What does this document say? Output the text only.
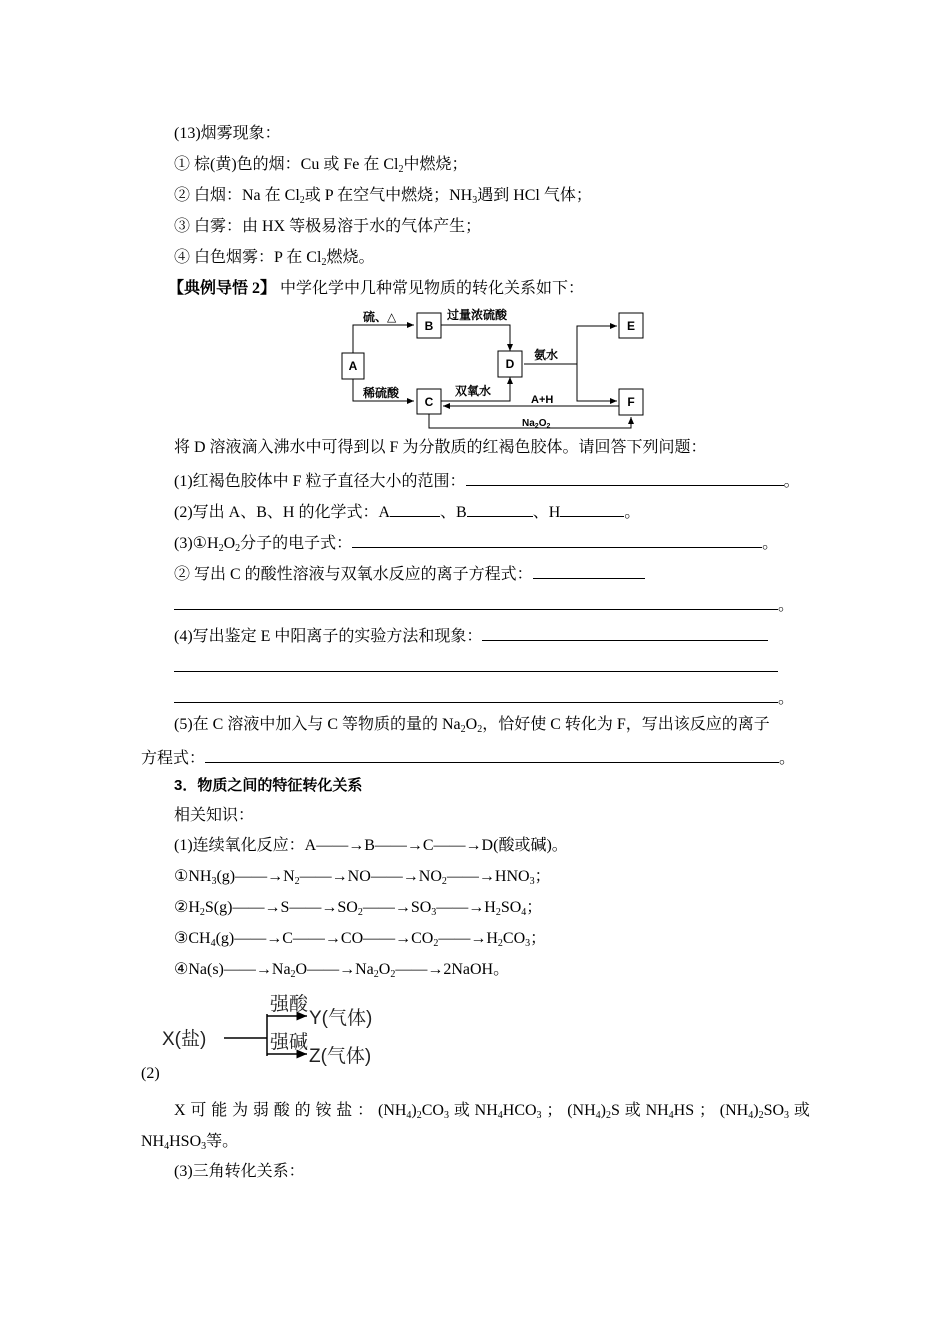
(13)烟雾现象：
① 棕(黄)色的烟：Cu 或 Fe 在 $Cl_2$中燃烧；
② 白烟：Na 在 $Cl_2$或 P 在空气中燃烧；$NH_3$遇到 HCl 气体；
③ 白雾：由 HX 等极易溶于水的气体产生；
④ 白色烟雾：P 在 $Cl_2$燃烧。
【典例导悟 2】 中学化学中几种常见物质的转化关系如下：
A
B
C
D
E
F
硫、△	过量浓硫酸
稀硫酸	双氧水
氨水
A+H
$Na_2O_2$
将 D 溶液滴入沸水中可得到以 F 为分散质的红褐色胶体。请回答下列问题：
(1)红褐色胶体中 F 粒子直径大小的范围：	。
(2)写出 A、B、H 的化学式：A	、B	、H	。
$(3)①H_2O_2$分子的电子式：	。
② 写出 C 的酸性溶液与双氧水反应的离子方程式：
。
(4)写出鉴定 E 中阳离子的实验方法和现象：
。
(5)在 C 溶液中加入与 C 等物质的量的 $Na_2O_2$，恰好使 C 转化为 F，写出该反应的离子
方程式：	。
3．物质之间的特征转化关系
相关知识：
(1)连续氧化反应：A——→B——→C——→D(酸或碱)。
$①NH_3(g)——\to N_2——\to NO——\to NO_2——\to HNO_3$；
$②H_2S(g)——\to S——\to SO_2——\to SO_3——\to H_2SO_4$；
$③CH_4(g)——\to C——\to CO——\to CO_2——\to H_2CO_3$；
$④Na(s)——\to Na_2O——\to Na_2O_2——\to 2NaOH$。
(2)
X(盐)
强酸
强碱
Y(气体)
Z(气体)
X 可 能 为 弱 酸 的 铵 盐 ： $(NH_4)_2CO_3$ 或 $NH_4HCO_3$ ； $(NH_4)_2S$ 或 $NH_4HS$ ； $(NH_4)_2SO_3$ 或
$NH_4HSO_3$等。
(3)三角转化关系：
